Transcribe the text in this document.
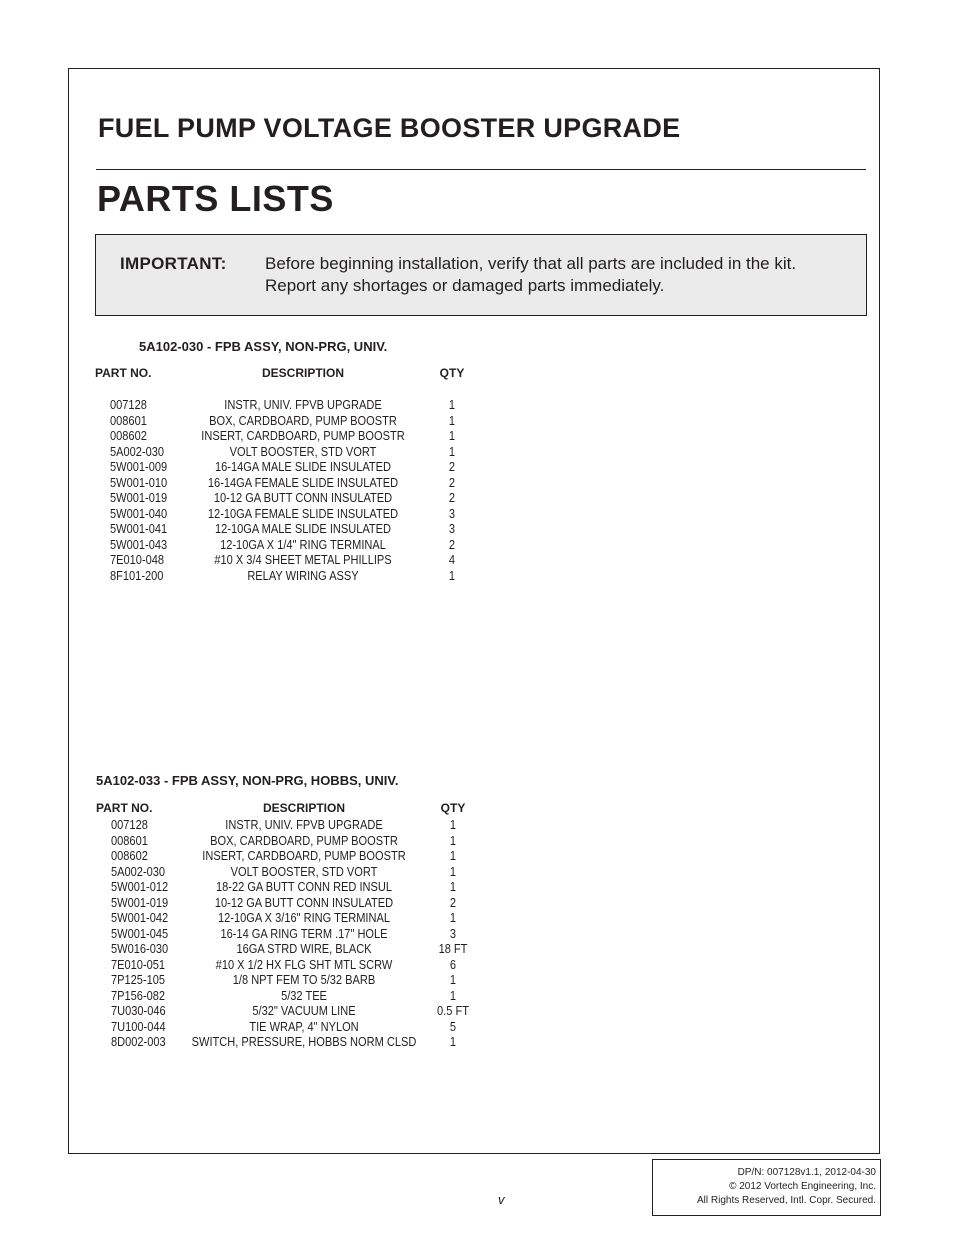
FUEL PUMP VOLTAGE BOOSTER UPGRADE
PARTS LISTS
IMPORTANT: Before beginning installation, verify that all parts are included in the kit.
Report any shortages or damaged parts immediately.
5A102-030 - FPB ASSY, NON-PRG, UNIV.
PART NO.	DESCRIPTION	QTY
007128	INSTR, UNIV. FPVB UPGRADE	1
008601	BOX, CARDBOARD, PUMP BOOSTR	1
008602	INSERT, CARDBOARD, PUMP BOOSTR	1
5A002-030	VOLT BOOSTER, STD VORT	1
5W001-009	16-14GA MALE SLIDE INSULATED	2
5W001-010	16-14GA FEMALE SLIDE INSULATED	2
5W001-019	10-12 GA BUTT CONN INSULATED	2
5W001-040	12-10GA FEMALE SLIDE INSULATED	3
5W001-041	12-10GA MALE SLIDE INSULATED	3
5W001-043	12-10GA X 1/4" RING TERMINAL	2
7E010-048	#10 X 3/4 SHEET METAL PHILLIPS	4
8F101-200	RELAY WIRING ASSY	1
5A102-033 - FPB ASSY, NON-PRG, HOBBS, UNIV.
PART NO.	DESCRIPTION	QTY
007128	INSTR, UNIV. FPVB UPGRADE	1
008601	BOX, CARDBOARD, PUMP BOOSTR	1
008602	INSERT, CARDBOARD, PUMP BOOSTR	1
5A002-030	VOLT BOOSTER, STD VORT	1
5W001-012	18-22 GA BUTT CONN RED INSUL	1
5W001-019	10-12 GA BUTT CONN INSULATED	2
5W001-042	12-10GA X 3/16" RING TERMINAL	1
5W001-045	16-14 GA RING TERM .17" HOLE	3
5W016-030	16GA STRD WIRE, BLACK	18 FT
7E010-051	#10 X 1/2 HX FLG SHT MTL SCRW	6
7P125-105	1/8 NPT FEM TO 5/32 BARB	1
7P156-082	5/32 TEE	1
7U030-046	5/32" VACUUM LINE	0.5 FT
7U100-044	TIE WRAP, 4" NYLON	5
8D002-003	SWITCH, PRESSURE, HOBBS NORM CLSD	1
v
DP/N: 007128v1.1, 2012-04-30
© 2012 Vortech Engineering, Inc.
All Rights Reserved, Intl. Copr. Secured.
